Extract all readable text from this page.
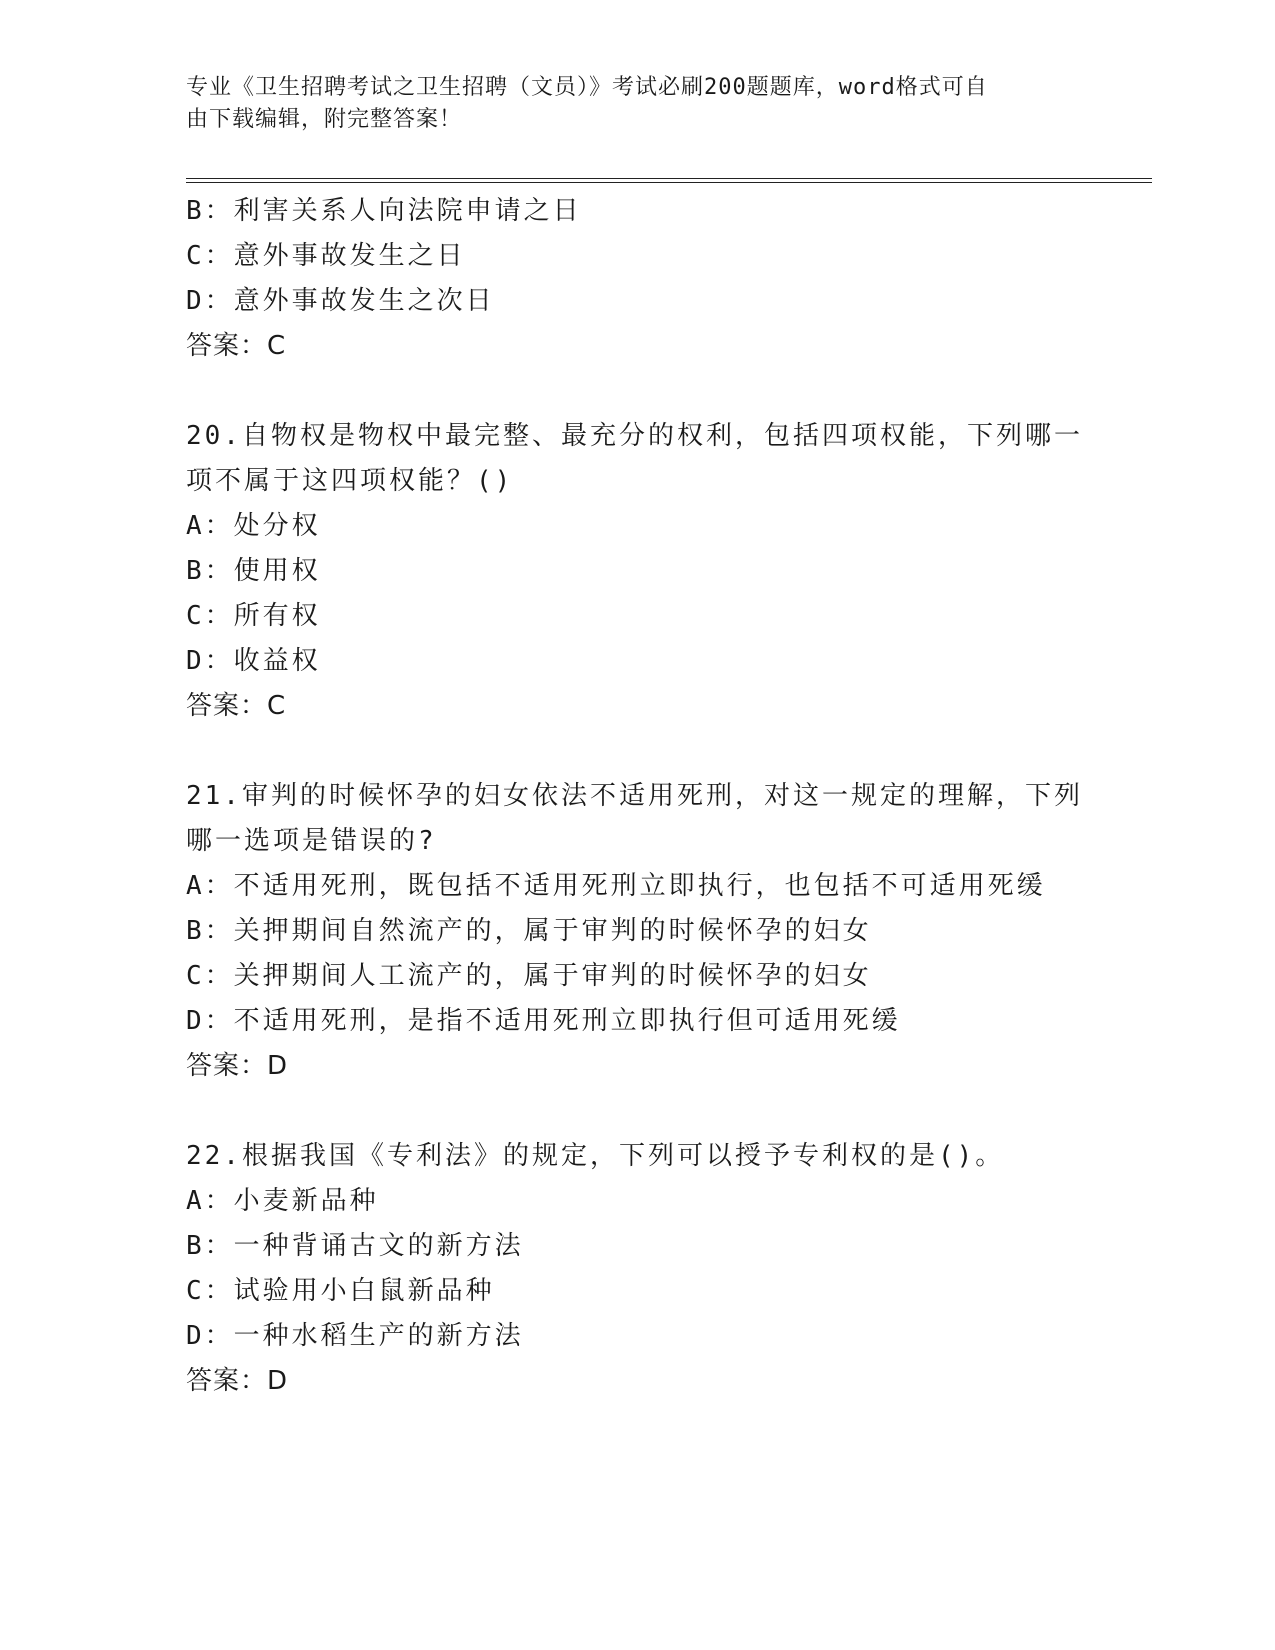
专业《卫生招聘考试之卫生招聘（文员）》考试必刷200题题库，word格式可自
由下载编辑，附完整答案！
B：利害关系人向法院申请之日
C：意外事故发生之日
D：意外事故发生之次日
答案：C
20.自物权是物权中最完整、最充分的权利，包括四项权能，下列哪一
项不属于这四项权能？()
A：处分权
B：使用权
C：所有权
D：收益权
答案：C
21.审判的时候怀孕的妇女依法不适用死刑，对这一规定的理解，下列
哪一选项是错误的?
A：不适用死刑，既包括不适用死刑立即执行，也包括不可适用死缓
B：关押期间自然流产的，属于审判的时候怀孕的妇女
C：关押期间人工流产的，属于审判的时候怀孕的妇女
D：不适用死刑，是指不适用死刑立即执行但可适用死缓
答案：D
22.根据我国《专利法》的规定，下列可以授予专利权的是()。
A：小麦新品种
B：一种背诵古文的新方法
C：试验用小白鼠新品种
D：一种水稻生产的新方法
答案：D
